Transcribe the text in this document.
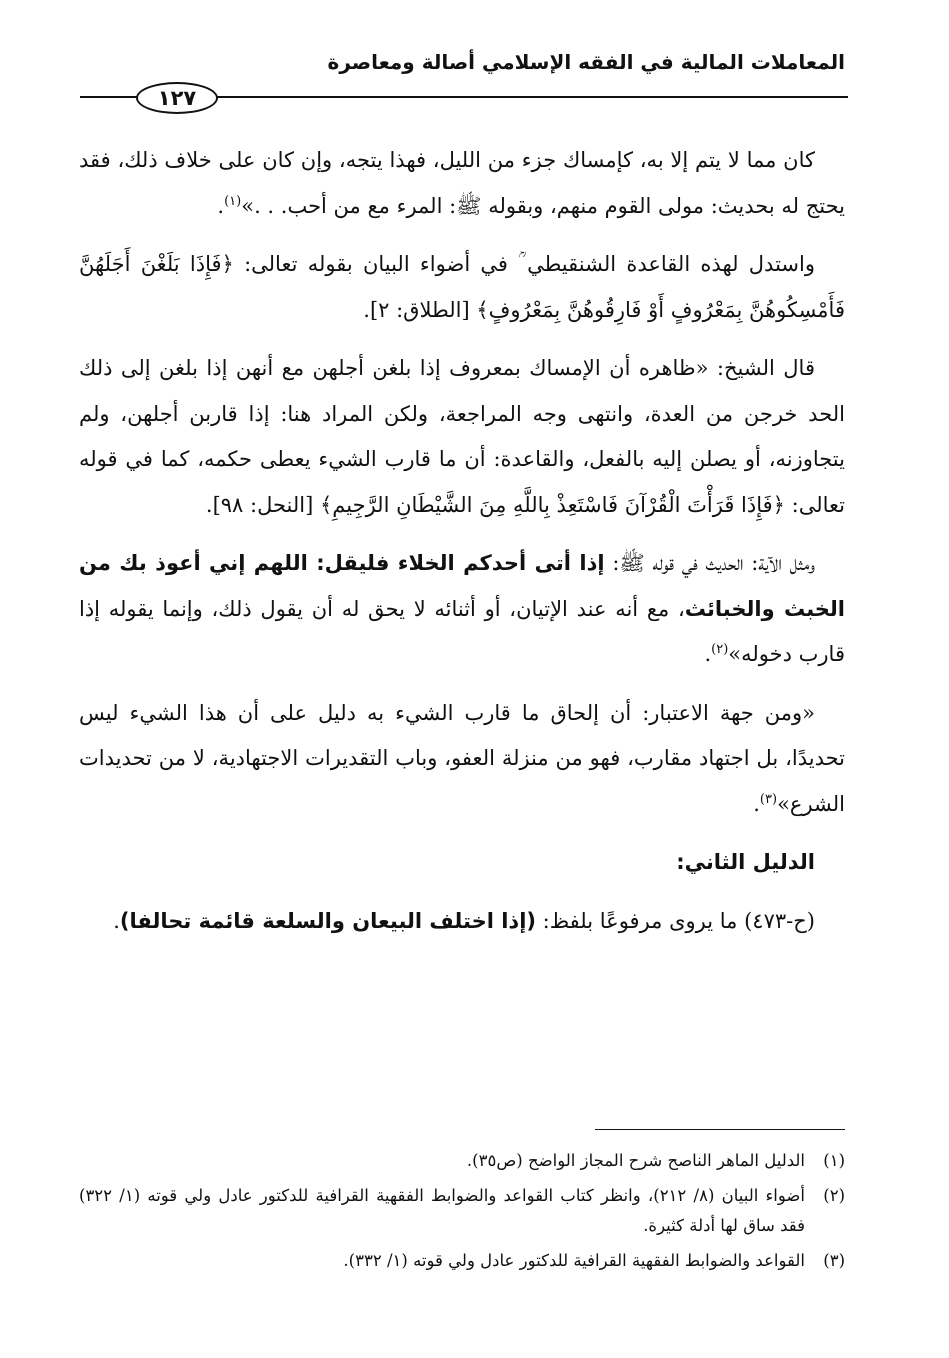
المعاملات المالية في الفقه الإسلامي أصالة ومعاصرة
١٢٧

كان مما لا يتم إلا به، كإمساك جزء من الليل، فهذا يتجه، وإن كان على خلاف ذلك، فقد يحتج له بحديث: مولى القوم منهم، وبقوله ﷺ: المرء مع من أحب. . .»$^{(١)}$.

واستدل لهذه القاعدة الشنقيطي ؒ في أضواء البيان بقوله تعالى: ﴿فَإِذَا بَلَغْنَ أَجَلَهُنَّ فَأَمْسِكُوهُنَّ بِمَعْرُوفٍ أَوْ فَارِقُوهُنَّ بِمَعْرُوفٍ﴾ [الطلاق: ٢].

قال الشيخ: «ظاهره أن الإمساك بمعروف إذا بلغن أجلهن مع أنهن إذا بلغن إلى ذلك الحد خرجن من العدة، وانتهى وجه المراجعة، ولكن المراد هنا: إذا قاربن أجلهن، ولم يتجاوزنه، أو يصلن إليه بالفعل، والقاعدة: أن ما قارب الشيء يعطى حكمه، كما في قوله تعالى: ﴿فَإِذَا قَرَأْتَ الْقُرْآنَ فَاسْتَعِذْ بِاللَّهِ مِنَ الشَّيْطَانِ الرَّجِيمِ﴾ [النحل: ٩٨].

ومثل الآية: الحديث في قوله ﷺ: إذا أتى أحدكم الخلاء فليقل: اللهم إني أعوذ بك من الخبث والخبائث، مع أنه عند الإتيان، أو أثنائه لا يحق له أن يقول ذلك، وإنما يقوله إذا قارب دخوله»$^{(٢)}$.

«ومن جهة الاعتبار: أن إلحاق ما قارب الشيء به دليل على أن هذا الشيء ليس تحديدًا، بل اجتهاد مقارب، فهو من منزلة العفو، وباب التقديرات الاجتهادية، لا من تحديدات الشرع»$^{(٣)}$.

الدليل الثاني:

(ح-٤٧٣) ما يروى مرفوعًا بلفظ: (إذا اختلف البيعان والسلعة قائمة تحالفا).

(١)
الدليل الماهر الناصح شرح المجاز الواضح (ص٣٥).
(٢)
أضواء البيان (٨/ ٢١٢)، وانظر كتاب القواعد والضوابط الفقهية القرافية للدكتور عادل ولي قوته (١/ ٣٢٢) فقد ساق لها أدلة كثيرة.
(٣)
القواعد والضوابط الفقهية القرافية للدكتور عادل ولي قوته (١/ ٣٣٢).
